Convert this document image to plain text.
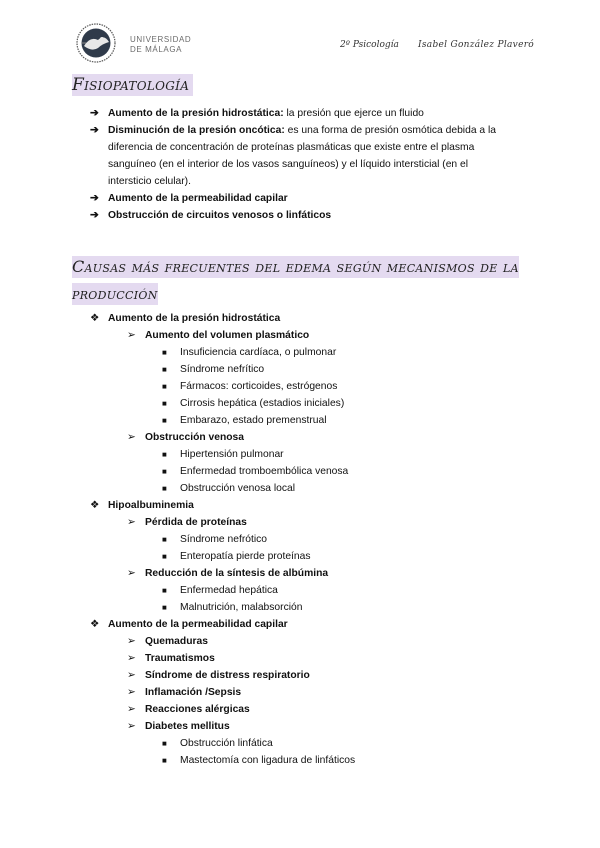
UNIVERSIDAD
DE MÁLAGA	2º Psicología Isabel González Plaveró
Fisiopatología
➔ Aumento de la presión hidrostática: la presión que ejerce un fluido
➔ Disminución de la presión oncótica: es una forma de presión osmótica debida a la
diferencia de concentración de proteínas plasmáticas que existe entre el plasma
sanguíneo (en el interior de los vasos sanguíneos) y el líquido intersticial (en el
intersticio celular).
➔ Aumento de la permeabilidad capilar
➔ Obstrucción de circuitos venosos o linfáticos
Causas más frecuentes del edema según mecanismos de la
producción
❖ Aumento de la presión hidrostática
➢ Aumento del volumen plasmático
■ Insuficiencia cardíaca, o pulmonar
■ Síndrome nefrítico
■ Fármacos: corticoides, estrógenos
■ Cirrosis hepática (estadios iniciales)
■ Embarazo, estado premenstrual
➢ Obstrucción venosa
■ Hipertensión pulmonar
■ Enfermedad tromboembólica venosa
■ Obstrucción venosa local
❖ Hipoalbuminemia
➢ Pérdida de proteínas
■ Síndrome nefrótico
■ Enteropatía pierde proteínas
➢ Reducción de la síntesis de albúmina
■ Enfermedad hepática
■ Malnutrición, malabsorción
❖ Aumento de la permeabilidad capilar
➢ Quemaduras
➢ Traumatismos
➢ Síndrome de distress respiratorio
➢ Inflamación /Sepsis
➢ Reacciones alérgicas
➢ Diabetes mellitus
■ Obstrucción linfática
■ Mastectomía con ligadura de linfáticos
